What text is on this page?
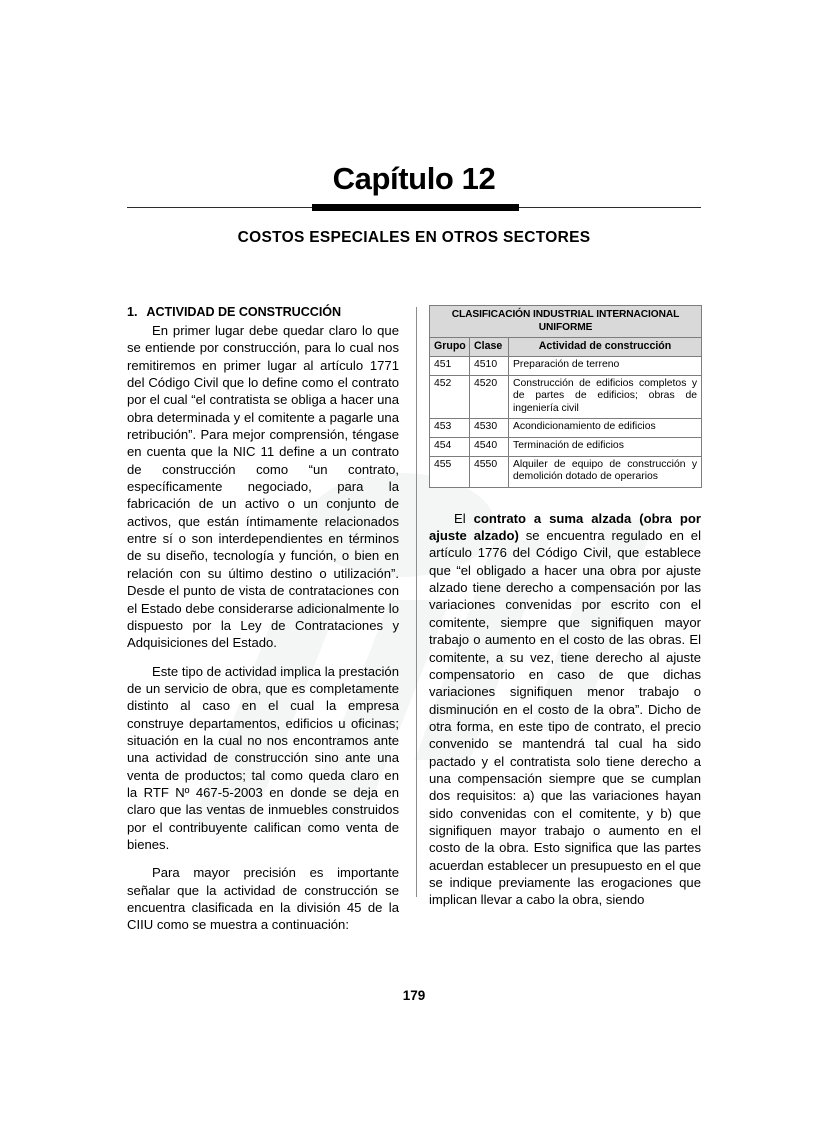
Capítulo 12
COSTOS ESPECIALES EN OTROS SECTORES
1. ACTIVIDAD DE CONSTRUCCIÓN

En primer lugar debe quedar claro lo que se entiende por construcción, para lo cual nos remitiremos en primer lugar al artículo 1771 del Código Civil que lo define como el contrato por el cual “el contratista se obliga a hacer una obra determinada y el comitente a pagarle una retribución”. Para mejor comprensión, téngase en cuenta que la NIC 11 define a un contrato de construcción como “un contrato, específicamente negociado, para la fabricación de un activo o un conjunto de activos, que están íntimamente relacionados entre sí o son interdependientes en términos de su diseño, tecnología y función, o bien en relación con su último destino o utilización”. Desde el punto de vista de contrataciones con el Estado debe considerarse adicionalmente lo dispuesto por la Ley de Contrataciones y Adquisiciones del Estado.

Este tipo de actividad implica la prestación de un servicio de obra, que es completamente distinto al caso en el cual la empresa construye departamentos, edificios u oficinas; situación en la cual no nos encontramos ante una actividad de construcción sino ante una venta de productos; tal como queda claro en la RTF Nº 467-5-2003 en donde se deja en claro que las ventas de inmuebles construidos por el contribuyente califican como venta de bienes.

Para mayor precisión es importante señalar que la actividad de construcción se encuentra clasificada en la división 45 de la CIIU como se muestra a continuación:

CLASIFICACIÓN INDUSTRIAL INTERNACIONAL UNIFORME		
Grupo	Clase	Actividad de construcción
451	4510	Preparación de terreno
452	4520	Construcción de edificios completos y de partes de edificios; obras de ingeniería civil
453	4530	Acondicionamiento de edificios
454	4540	Terminación de edificios
455	4550	Alquiler de equipo de construcción y demolición dotado de operarios

El contrato a suma alzada (obra por ajuste alzado) se encuentra regulado en el artículo 1776 del Código Civil, que establece que “el obligado a hacer una obra por ajuste alzado tiene derecho a compensación por las variaciones convenidas por escrito con el comitente, siempre que signifiquen mayor trabajo o aumento en el costo de las obras. El comitente, a su vez, tiene derecho al ajuste compensatorio en caso de que dichas variaciones signifiquen menor trabajo o disminución en el costo de la obra”. Dicho de otra forma, en este tipo de contrato, el precio convenido se mantendrá tal cual ha sido pactado y el contratista solo tiene derecho a una compensación siempre que se cumplan dos requisitos: a) que las variaciones hayan sido convenidas con el comitente, y b) que signifiquen mayor trabajo o aumento en el costo de la obra. Esto significa que las partes acuerdan establecer un presupuesto en el que se indique previamente las erogaciones que implican llevar a cabo la obra, siendo

179
